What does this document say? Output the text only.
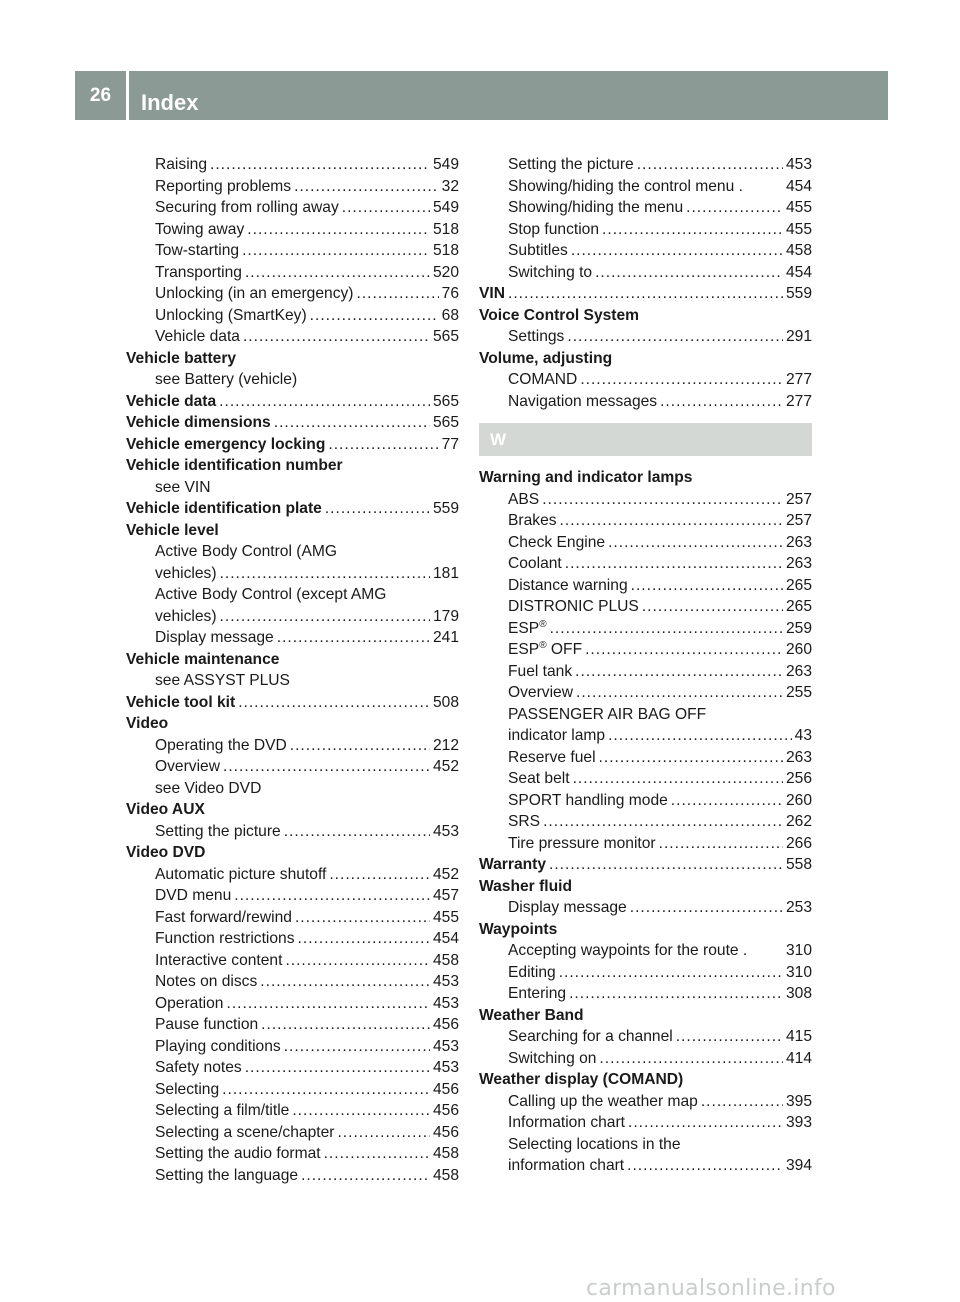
26	Index
Raising .....	549
Reporting problems .....	32
Securing from rolling away .....	549
Towing away .....	518
Tow-starting .....	518
Transporting .....	520
Unlocking (in an emergency) .....	76
Unlocking (SmartKey) .....	68
Vehicle data .....	565
Vehicle battery
see Battery (vehicle)
Vehicle data .....	565
Vehicle dimensions .....	565
Vehicle emergency locking .....	77
Vehicle identification number
see VIN
Vehicle identification plate .....	559
Vehicle level
Active Body Control (AMG
vehicles) .....	181
Active Body Control (except AMG
vehicles) .....	179
Display message .....	241
Vehicle maintenance
see ASSYST PLUS
Vehicle tool kit .....	508
Video
Operating the DVD .....	212
Overview .....	452
see Video DVD
Video AUX
Setting the picture .....	453
Video DVD
Automatic picture shutoff .....	452
DVD menu .....	457
Fast forward/rewind .....	455
Function restrictions .....	454
Interactive content .....	458
Notes on discs .....	453
Operation .....	453
Pause function .....	456
Playing conditions .....	453
Safety notes .....	453
Selecting .....	456
Selecting a film/title .....	456
Selecting a scene/chapter .....	456
Setting the audio format .....	458
Setting the language .....	458
Setting the picture .....	453
Showing/hiding the control menu .	454
Showing/hiding the menu .....	455
Stop function .....	455
Subtitles .....	458
Switching to .....	454
VIN .....	559
Voice Control System
Settings .....	291
Volume, adjusting
COMAND .....	277
Navigation messages .....	277
W
Warning and indicator lamps
ABS .....	257
Brakes .....	257
Check Engine .....	263
Coolant .....	263
Distance warning .....	265
DISTRONIC PLUS .....	265
ESP® .....	259
ESP® OFF .....	260
Fuel tank .....	263
Overview .....	255
PASSENGER AIR BAG OFF
indicator lamp .....	43
Reserve fuel .....	263
Seat belt .....	256
SPORT handling mode .....	260
SRS .....	262
Tire pressure monitor .....	266
Warranty .....	558
Washer fluid
Display message .....	253
Waypoints
Accepting waypoints for the route . 310
Editing .....	310
Entering .....	308
Weather Band
Searching for a channel .....	415
Switching on .....	414
Weather display (COMAND)
Calling up the weather map .....	395
Information chart .....	393
Selecting locations in the
information chart .....	394
carmanualsonline.info
